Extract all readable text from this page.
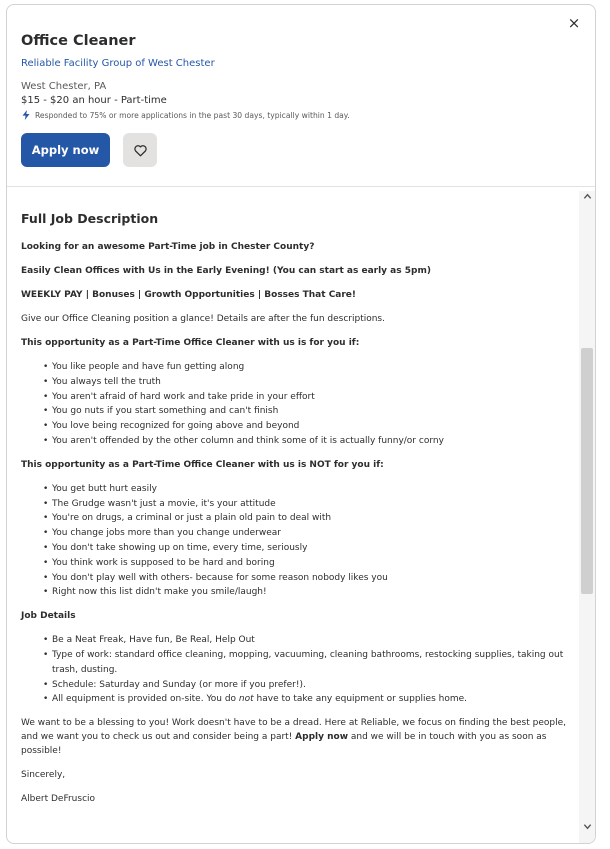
×
Office Cleaner
Reliable Facility Group of West Chester
West Chester, PA
$15 - $20 an hour - Part-time
Responded to 75% or more applications in the past 30 days, typically within 1 day.
Apply now
Full Job Description
Looking for an awesome Part-Time job in Chester County?
Easily Clean Offices with Us in the Early Evening! (You can start as early as 5pm)
WEEKLY PAY | Bonuses | Growth Opportunities | Bosses That Care!
Give our Office Cleaning position a glance! Details are after the fun descriptions.
This opportunity as a Part-Time Office Cleaner with us is for you if:
• You like people and have fun getting along
• You always tell the truth
• You aren't afraid of hard work and take pride in your effort
• You go nuts if you start something and can't finish
• You love being recognized for going above and beyond
• You aren't offended by the other column and think some of it is actually funny/or corny
This opportunity as a Part-Time Office Cleaner with us is NOT for you if:
• You get butt hurt easily
• The Grudge wasn't just a movie, it's your attitude
• You're on drugs, a criminal or just a plain old pain to deal with
• You change jobs more than you change underwear
• You don't take showing up on time, every time, seriously
• You think work is supposed to be hard and boring
• You don't play well with others- because for some reason nobody likes you
• Right now this list didn't make you smile/laugh!
Job Details
• Be a Neat Freak, Have fun, Be Real, Help Out
• Type of work: standard office cleaning, mopping, vacuuming, cleaning bathrooms, restocking supplies, taking out trash, dusting.
• Schedule: Saturday and Sunday (or more if you prefer!).
• All equipment is provided on-site. You do not have to take any equipment or supplies home.
We want to be a blessing to you! Work doesn't have to be a dread. Here at Reliable, we focus on finding the best people, and we want you to check us out and consider being a part! Apply now and we will be in touch with you as soon as possible!
Sincerely,
Albert DeFruscio
